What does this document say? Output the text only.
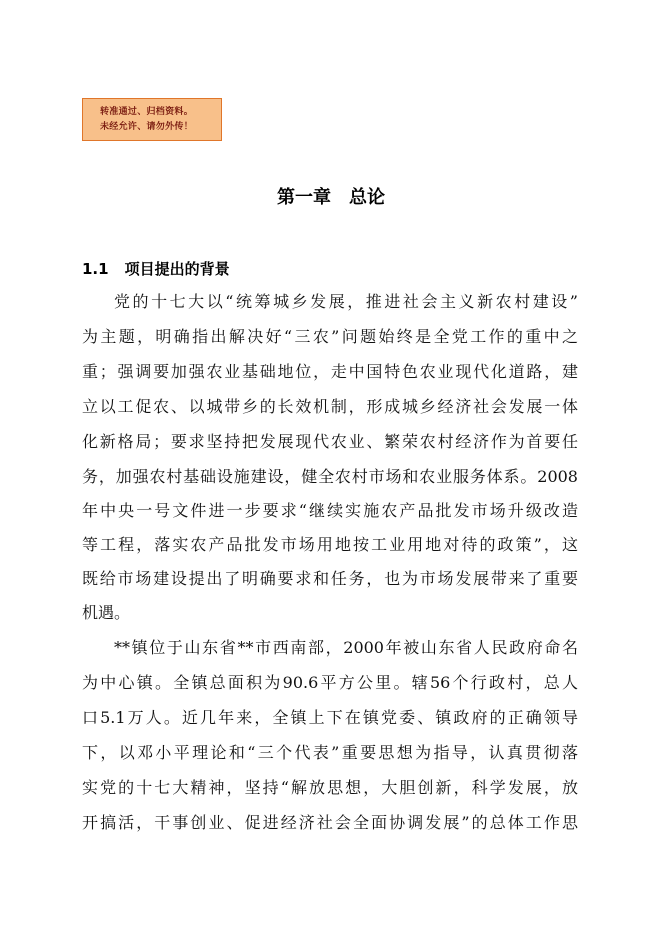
转准通过、归档资料。
未经允许、请勿外传！
第一章 总论
1.1 项目提出的背景
党的十七大以“统筹城乡发展，推进社会主义新农村建设”
为主题，明确指出解决好“三农”问题始终是全党工作的重中之
重；强调要加强农业基础地位，走中国特色农业现代化道路，建
立以工促农、以城带乡的长效机制，形成城乡经济社会发展一体
化新格局；要求坚持把发展现代农业、繁荣农村经济作为首要任
务，加强农村基础设施建设，健全农村市场和农业服务体系。2008
年中央一号文件进一步要求“继续实施农产品批发市场升级改造
等工程，落实农产品批发市场用地按工业用地对待的政策”，这
既给市场建设提出了明确要求和任务，也为市场发展带来了重要
机遇。
**镇位于山东省**市西南部，2000年被山东省人民政府命名
为中心镇。全镇总面积为90.6平方公里。辖56个行政村，总人
口5.1万人。近几年来，全镇上下在镇党委、镇政府的正确领导
下，以邓小平理论和“三个代表”重要思想为指导，认真贯彻落
实党的十七大精神，坚持“解放思想，大胆创新，科学发展，放
开搞活，干事创业、促进经济社会全面协调发展”的总体工作思
